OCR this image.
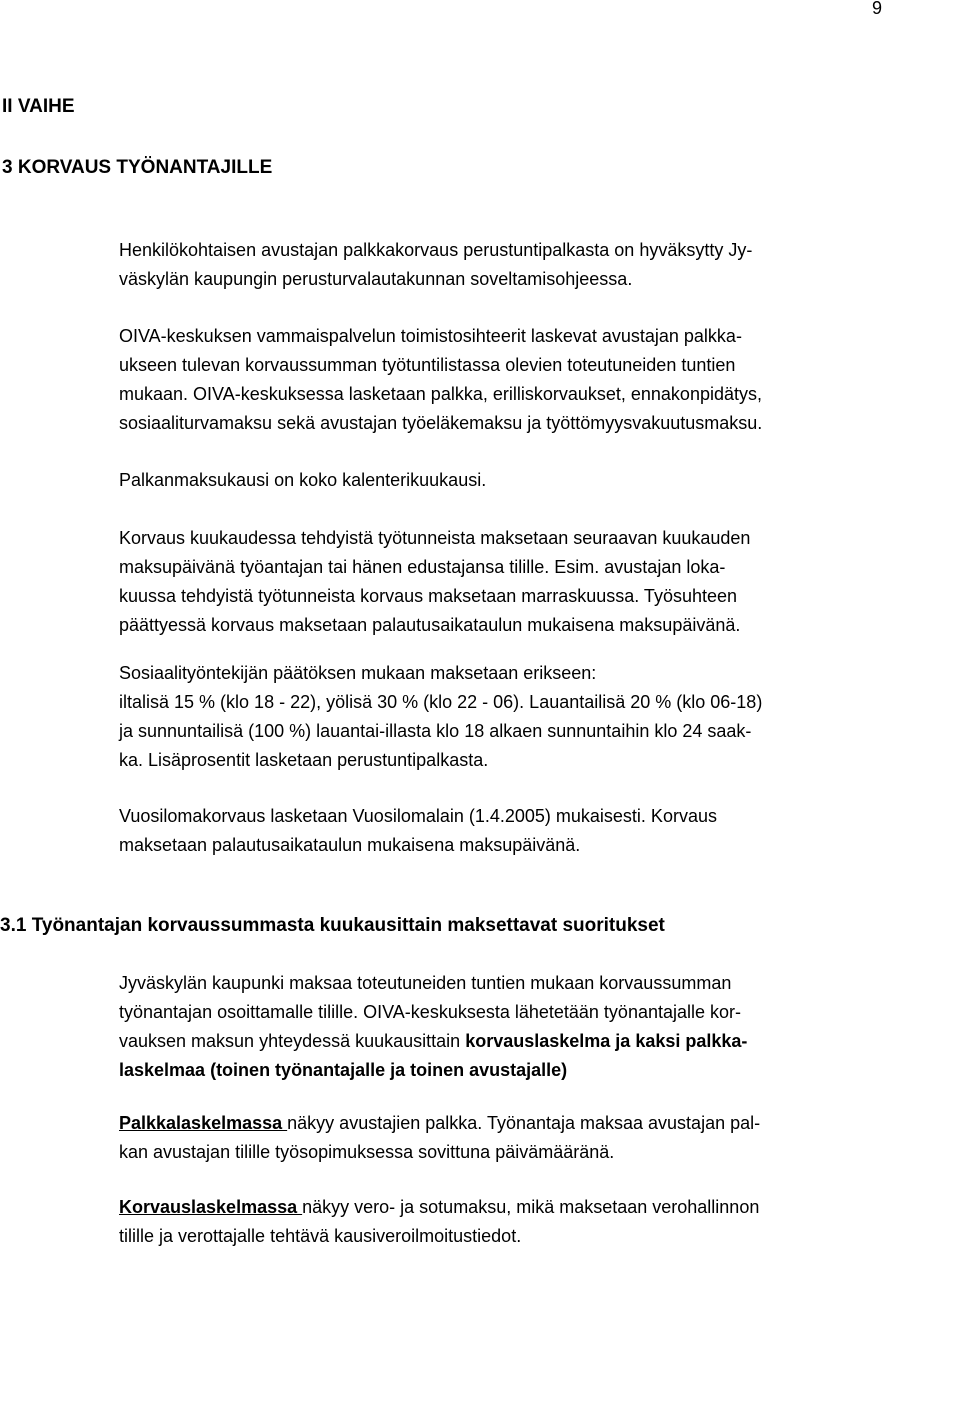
9
II VAIHE
3 KORVAUS TYÖNANTAJILLE

Henkilökohtaisen avustajan palkkakorvaus perustuntipalkasta on hyväksytty Jy-
väskylän kaupungin perusturvalautakunnan soveltamisohjeessa.

OIVA-keskuksen vammaispalvelun toimistosihteerit laskevat avustajan palkka-
ukseen tulevan korvaussumman työtuntilistassa olevien toteutuneiden tuntien
mukaan. OIVA-keskuksessa lasketaan palkka, erilliskorvaukset, ennakonpidätys,
sosiaaliturvamaksu sekä avustajan työeläkemaksu ja työttömyysvakuutusmaksu.

Palkanmaksukausi on koko kalenterikuukausi.

Korvaus kuukaudessa tehdyistä työtunneista maksetaan seuraavan kuukauden
maksupäivänä työantajan tai hänen edustajansa tilille. Esim. avustajan loka-
kuussa tehdyistä työtunneista korvaus maksetaan marraskuussa. Työsuhteen
päättyessä korvaus maksetaan palautusaikataulun mukaisena maksupäivänä.

Sosiaalityöntekijän päätöksen mukaan maksetaan erikseen:
iltalisä 15 % (klo 18 - 22), yölisä 30 % (klo 22 - 06). Lauantailisä 20 % (klo 06-18)
ja sunnuntailisä (100 %) lauantai-illasta klo 18 alkaen sunnuntaihin klo 24 saak-
ka. Lisäprosentit lasketaan perustuntipalkasta.

Vuosilomakorvaus lasketaan Vuosilomalain (1.4.2005) mukaisesti. Korvaus
maksetaan palautusaikataulun mukaisena maksupäivänä.

3.1 Työnantajan korvaussummasta kuukausittain maksettavat suoritukset

Jyväskylän kaupunki maksaa toteutuneiden tuntien mukaan korvaussumman
työnantajan osoittamalle tilille. OIVA-keskuksesta lähetetään työnantajalle kor-
vauksen maksun yhteydessä kuukausittain korvauslaskelma ja kaksi palkka-
laskelmaa (toinen työnantajalle ja toinen avustajalle)

Palkkalaskelmassa näkyy avustajien palkka. Työnantaja maksaa avustajan pal-
kan avustajan tilille työsopimuksessa sovittuna päivämääränä.

Korvauslaskelmassa näkyy vero- ja sotumaksu, mikä maksetaan verohallinnon
tilille ja verottajalle tehtävä kausiveroilmoitustiedot.
